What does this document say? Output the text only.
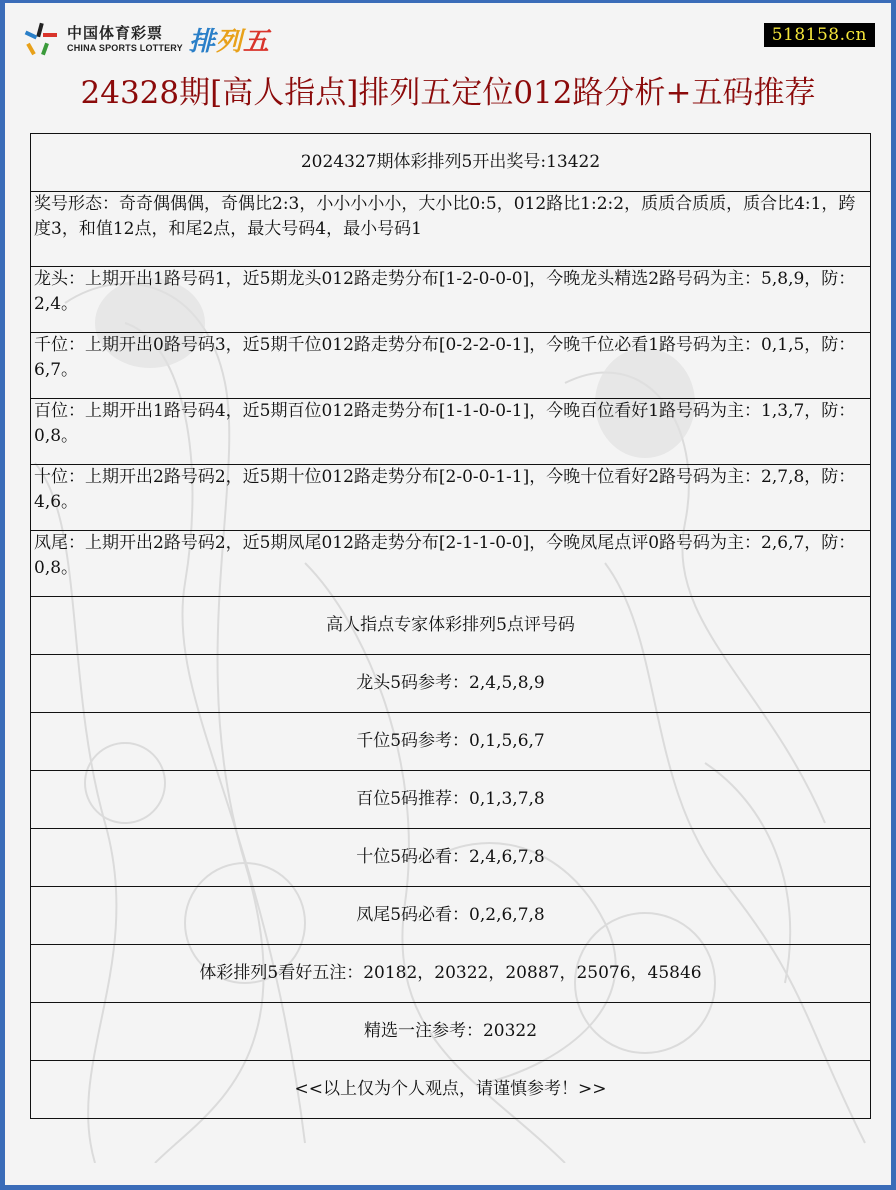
中国体育彩票
CHINA SPORTS LOTTERY 排列五	518158.cn
24328期[高人指点]排列五定位012路分析+五码推荐
2024327期体彩排列5开出奖号:13422
奖号形态：奇奇偶偶偶，奇偶比2:3，小小小小小，大小比0:5，012路比1:2:2，质质合质质，质合比4:1，跨度3，和值12点，和尾2点，最大号码4，最小号码1
龙头：上期开出1路号码1，近5期龙头012路走势分布[1-2-0-0-0]，今晚龙头精选2路号码为主：5,8,9，防：2,4。
千位：上期开出0路号码3，近5期千位012路走势分布[0-2-2-0-1]，今晚千位必看1路号码为主：0,1,5，防：6,7。
百位：上期开出1路号码4，近5期百位012路走势分布[1-1-0-0-1]，今晚百位看好1路号码为主：1,3,7，防：0,8。
十位：上期开出2路号码2，近5期十位012路走势分布[2-0-0-1-1]，今晚十位看好2路号码为主：2,7,8，防：4,6。
凤尾：上期开出2路号码2，近5期凤尾012路走势分布[2-1-1-0-0]，今晚凤尾点评0路号码为主：2,6,7，防：0,8。
高人指点专家体彩排列5点评号码
龙头5码参考：2,4,5,8,9
千位5码参考：0,1,5,6,7
百位5码推荐：0,1,3,7,8
十位5码必看：2,4,6,7,8
凤尾5码必看：0,2,6,7,8
体彩排列5看好五注：20182，20322，20887，25076，45846
精选一注参考：20322
<<以上仅为个人观点，请谨慎参考！>>
